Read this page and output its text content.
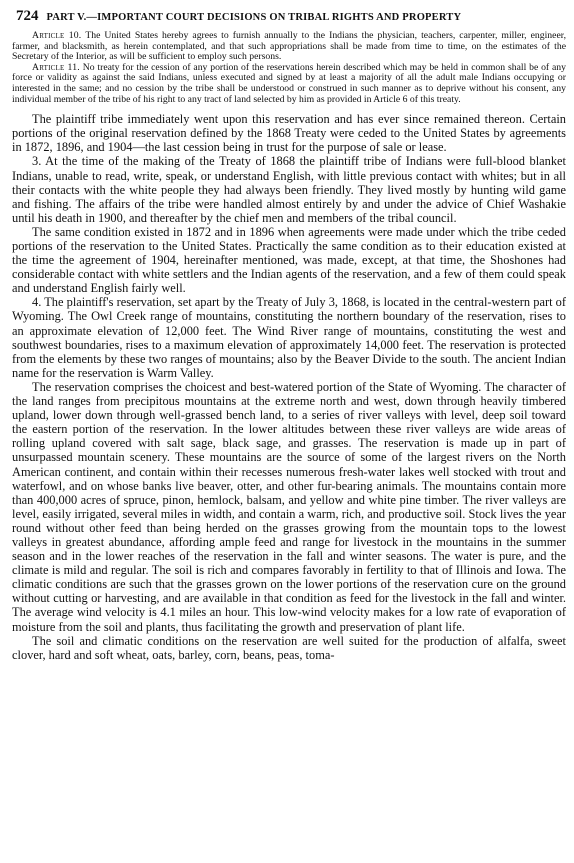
724 PART V.—IMPORTANT COURT DECISIONS ON TRIBAL RIGHTS AND PROPERTY

Article 10. The United States hereby agrees to furnish annually to the Indians the physician, teachers, carpenter, miller, engineer, farmer, and blacksmith, as herein contemplated, and that such appropriations shall be made from time to time, on the estimates of the Secretary of the Interior, as will be sufficient to employ such persons.

Article 11. No treaty for the cession of any portion of the reservations herein described which may be held in common shall be of any force or validity as against the said Indians, unless executed and signed by at least a majority of all the adult male Indians occupying or interested in the same; and no cession by the tribe shall be understood or construed in such manner as to deprive without his consent, any individual member of the tribe of his right to any tract of land selected by him as provided in Article 6 of this treaty.

The plaintiff tribe immediately went upon this reservation and has ever since remained thereon. Certain portions of the original reservation defined by the 1868 Treaty were ceded to the United States by agreements in 1872, 1896, and 1904—the last cession being in trust for the purpose of sale or lease.

3. At the time of the making of the Treaty of 1868 the plaintiff tribe of Indians were full-blood blanket Indians, unable to read, write, speak, or understand English, with little previous contact with whites; but in all their contacts with the white people they had always been friendly. They lived mostly by hunting wild game and fishing. The affairs of the tribe were handled almost entirely by and under the advice of Chief Washakie until his death in 1900, and thereafter by the chief men and members of the tribal council.

The same condition existed in 1872 and in 1896 when agreements were made under which the tribe ceded portions of the reservation to the United States. Practically the same condition as to their education existed at the time the agreement of 1904, hereinafter mentioned, was made, except, at that time, the Shoshones had considerable contact with white settlers and the Indian agents of the reservation, and a few of them could speak and understand English fairly well.

4. The plaintiff's reservation, set apart by the Treaty of July 3, 1868, is located in the central-western part of Wyoming. The Owl Creek range of mountains, constituting the northern boundary of the reservation, rises to an approximate elevation of 12,000 feet. The Wind River range of mountains, constituting the west and southwest boundaries, rises to a maximum elevation of approximately 14,000 feet. The reservation is protected from the elements by these two ranges of mountains; also by the Beaver Divide to the south. The ancient Indian name for the reservation is Warm Valley.

The reservation comprises the choicest and best-watered portion of the State of Wyoming. The character of the land ranges from precipitous mountains at the extreme north and west, down through heavily timbered upland, lower down through well-grassed bench land, to a series of river valleys with level, deep soil toward the eastern portion of the reservation. In the lower altitudes between these river valleys are wide areas of rolling upland covered with salt sage, black sage, and grasses. The reservation is made up in part of unsurpassed mountain scenery. These mountains are the source of some of the largest rivers on the North American continent, and contain within their recesses numerous fresh-water lakes well stocked with trout and waterfowl, and on whose banks live beaver, otter, and other fur-bearing animals. The mountains contain more than 400,000 acres of spruce, pinon, hemlock, balsam, and yellow and white pine timber. The river valleys are level, easily irrigated, several miles in width, and contain a warm, rich, and productive soil. Stock lives the year round without other feed than being herded on the grasses growing from the mountain tops to the lowest valleys in greatest abundance, affording ample feed and range for livestock in the mountains in the summer season and in the lower reaches of the reservation in the fall and winter seasons. The water is pure, and the climate is mild and regular. The soil is rich and compares favorably in fertility to that of Illinois and Iowa. The climatic conditions are such that the grasses grown on the lower portions of the reservation cure on the ground without cutting or harvesting, and are available in that condition as feed for the livestock in the fall and winter. The average wind velocity is 4.1 miles an hour. This low-wind velocity makes for a low rate of evaporation of moisture from the soil and plants, thus facilitating the growth and preservation of plant life.

The soil and climatic conditions on the reservation are well suited for the production of alfalfa, sweet clover, hard and soft wheat, oats, barley, corn, beans, peas, toma-
